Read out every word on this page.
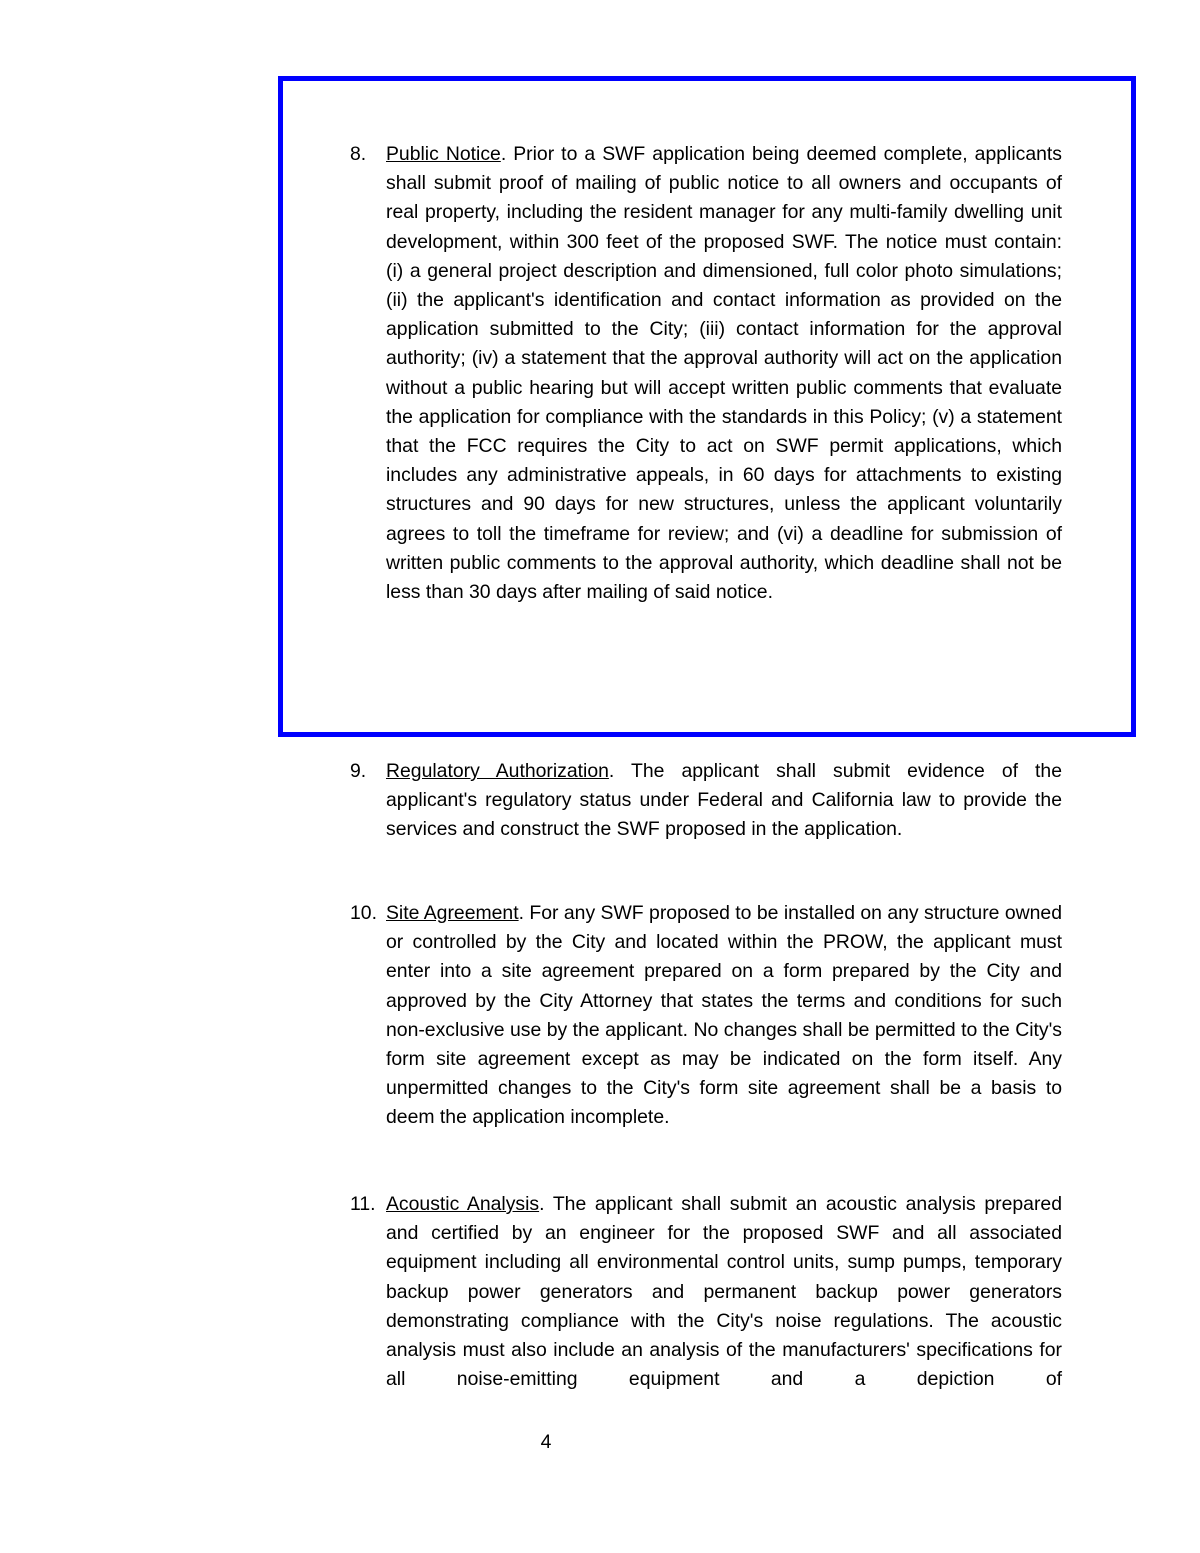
8.	Public Notice. Prior to a SWF application being deemed complete, applicants shall submit proof of mailing of public notice to all owners and occupants of real property, including the resident manager for any multi-family dwelling unit development, within 300 feet of the proposed SWF. The notice must contain: (i) a general project description and dimensioned, full color photo simulations; (ii) the applicant's identification and contact information as provided on the application submitted to the City; (iii) contact information for the approval authority; (iv) a statement that the approval authority will act on the application without a public hearing but will accept written public comments that evaluate the application for compliance with the standards in this Policy; (v) a statement that the FCC requires the City to act on SWF permit applications, which includes any administrative appeals, in 60 days for attachments to existing structures and 90 days for new structures, unless the applicant voluntarily agrees to toll the timeframe for review; and (vi) a deadline for submission of written public comments to the approval authority, which deadline shall not be less than 30 days after mailing of said notice.

9.	Regulatory Authorization. The applicant shall submit evidence of the applicant's regulatory status under Federal and California law to provide the services and construct the SWF proposed in the application.

10. Site Agreement. For any SWF proposed to be installed on any structure owned or controlled by the City and located within the PROW, the applicant must enter into a site agreement prepared on a form prepared by the City and approved by the City Attorney that states the terms and conditions for such non-exclusive use by the applicant. No changes shall be permitted to the City's form site agreement except as may be indicated on the form itself. Any unpermitted changes to the City's form site agreement shall be a basis to deem the application incomplete.

11. Acoustic Analysis. The applicant shall submit an acoustic analysis prepared and certified by an engineer for the proposed SWF and all associated equipment including all environmental control units, sump pumps, temporary backup power generators and permanent backup power generators demonstrating compliance with the City's noise regulations. The acoustic analysis must also include an analysis of the manufacturers' specifications for all noise-emitting equipment and a depiction of

4
